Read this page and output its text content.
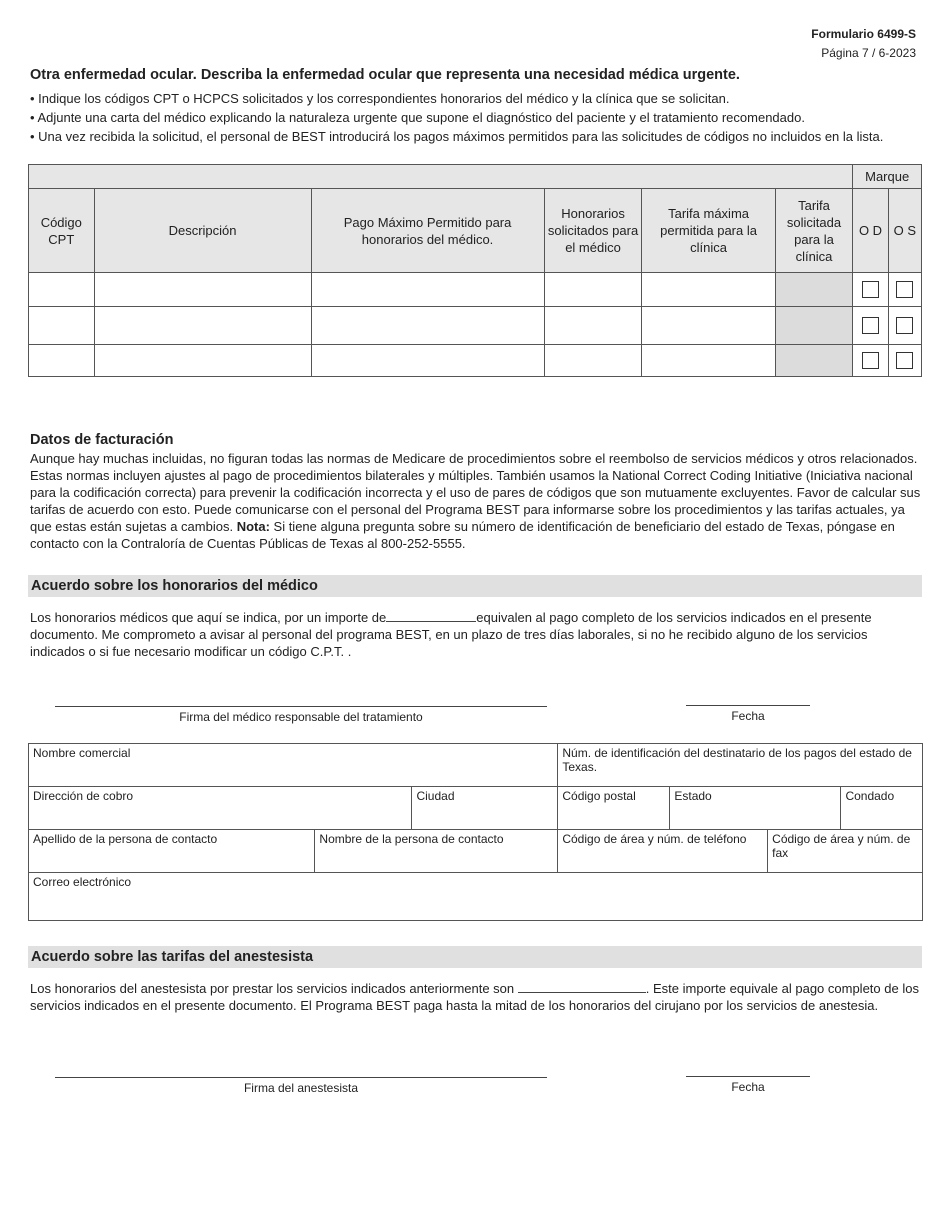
Formulario 6499-S
Página 7 / 6-2023
Otra enfermedad ocular. Describa la enfermedad ocular que representa una necesidad médica urgente.
• Indique los códigos CPT o HCPCS solicitados y los correspondientes honorarios del médico y la clínica que se solicitan.
• Adjunte una carta del médico explicando la naturaleza urgente que supone el diagnóstico del paciente y el tratamiento recomendado.
• Una vez recibida la solicitud, el personal de BEST introducirá los pagos máximos permitidos para las solicitudes de códigos no incluidos en la lista.
						Marque	
Código CPT	Descripción	Pago Máximo Permitido para honorarios del médico.	Honorarios solicitados para el médico	Tarifa máxima permitida para la clínica	Tarifa solicitada para la clínica	O D	O S

Datos de facturación
Aunque hay muchas incluidas, no figuran todas las normas de Medicare de procedimientos sobre el reembolso de servicios médicos y otros relacionados. Estas normas incluyen ajustes al pago de procedimientos bilaterales y múltiples. También usamos la National Correct Coding Initiative (Iniciativa nacional para la codificación correcta) para prevenir la codificación incorrecta y el uso de pares de códigos que son mutuamente excluyentes. Favor de calcular sus tarifas de acuerdo con esto. Puede comunicarse con el personal del Programa BEST para informarse sobre los procedimientos y las tarifas actuales, ya que estas están sujetas a cambios. Nota: Si tiene alguna pregunta sobre su número de identificación de beneficiario del estado de Texas, póngase en contacto con la Contraloría de Cuentas Públicas de Texas al 800-252-5555.
Acuerdo sobre los honorarios del médico
Los honorarios médicos que aquí se indica, por un importe de	equivalen al pago completo de los servicios indicados en el presente documento. Me comprometo a avisar al personal del programa BEST, en un plazo de tres días laborales, si no he recibido alguno de los servicios indicados o si fue necesario modificar un código C.P.T. .
Firma del médico responsable del tratamiento	Fecha
Nombre comercial			Núm. de identificación del destinatario de los pagos del estado de Texas.			
Dirección de cobro		Ciudad	Código postal	Estado		Condado
Apellido de la persona de contacto	Nombre de la persona de contacto		Código de área y núm. de teléfono		Código de área y núm. de fax	
Correo electrónico						
Acuerdo sobre las tarifas del anestesista
Los honorarios del anestesista por prestar los servicios indicados anteriormente son	. Este importe equivale al pago completo de los servicios indicados en el presente documento. El Programa BEST paga hasta la mitad de los honorarios del cirujano por los servicios de anestesia.
Firma del anestesista	Fecha
